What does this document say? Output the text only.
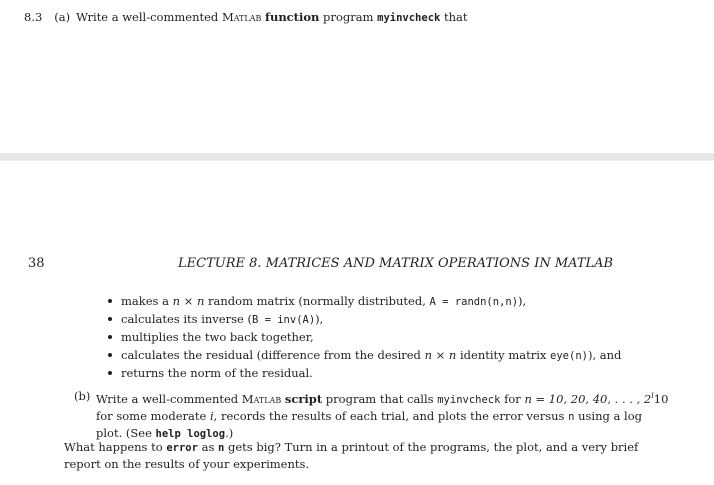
8.3 (a) Write a well-commented Matlab function program myinvcheck that
38	LECTURE 8. MATRICES AND MATRIX OPERATIONS IN MATLAB
makes a n × n random matrix (normally distributed, A = randn(n,n)),
calculates its inverse (B = inv(A)),
multiplies the two back together,
calculates the residual (difference from the desired n × n identity matrix eye(n)), and
returns the norm of the residual.
(b) Write a well-commented Matlab script program that calls myinvcheck for n = 10, 20, 40, . . . , 2$^i$10
for some moderate i, records the results of each trial, and plots the error versus n using a log
plot. (See help loglog.)
What happens to error as n gets big? Turn in a printout of the programs, the plot, and a very brief
report on the results of your experiments.
